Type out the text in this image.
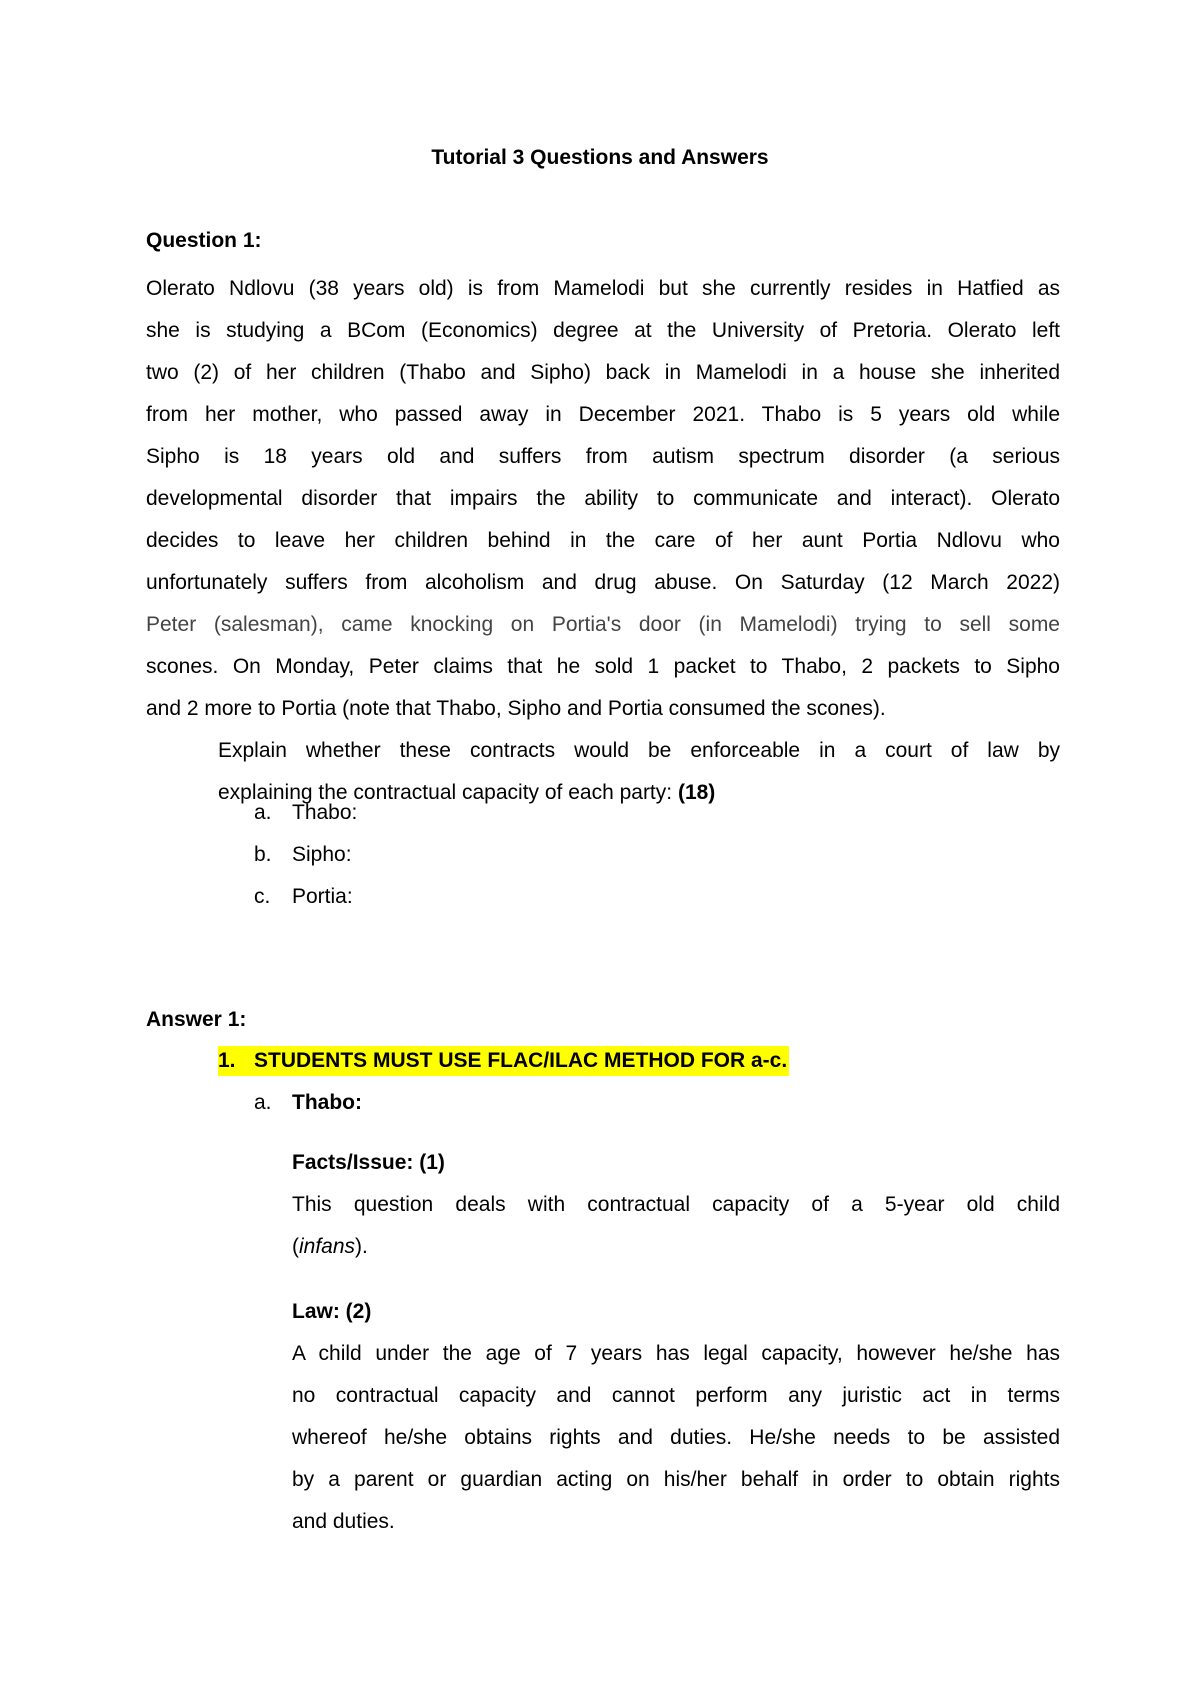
Tutorial 3 Questions and Answers
Question 1:
Olerato Ndlovu (38 years old) is from Mamelodi but she currently resides in Hatfied as
she is studying a BCom (Economics) degree at the University of Pretoria. Olerato left
two (2) of her children (Thabo and Sipho) back in Mamelodi in a house she inherited
from her mother, who passed away in December 2021. Thabo is 5 years old while
Sipho is 18 years old and suffers from autism spectrum disorder (a serious
developmental disorder that impairs the ability to communicate and interact). Olerato
decides to leave her children behind in the care of her aunt Portia Ndlovu who
unfortunately suffers from alcoholism and drug abuse. On Saturday (12 March 2022)
Peter (salesman), came knocking on Portia's door (in Mamelodi) trying to sell some
scones. On Monday, Peter claims that he sold 1 packet to Thabo, 2 packets to Sipho
and 2 more to Portia (note that Thabo, Sipho and Portia consumed the scones).
Explain whether these contracts would be enforceable in a court of law by
explaining the contractual capacity of each party: (18)
a. Thabo:
b. Sipho:
c. Portia:
Answer 1:
1. STUDENTS MUST USE FLAC/ILAC METHOD FOR a-c.
a. Thabo:
Facts/Issue: (1)
This question deals with contractual capacity of a 5-year old child
(infans).
Law: (2)
A child under the age of 7 years has legal capacity, however he/she has
no contractual capacity and cannot perform any juristic act in terms
whereof he/she obtains rights and duties. He/she needs to be assisted
by a parent or guardian acting on his/her behalf in order to obtain rights
and duties.
